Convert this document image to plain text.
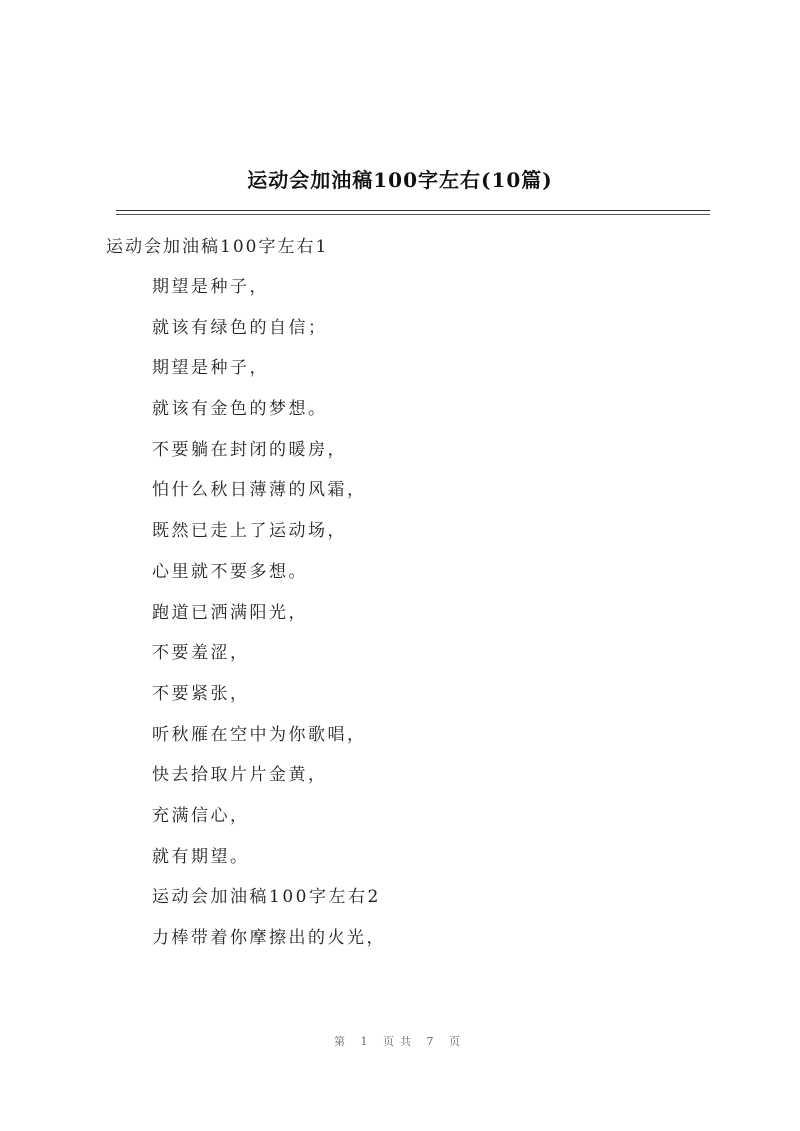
运动会加油稿100字左右(10篇)
运动会加油稿100字左右1
期望是种子，
就该有绿色的自信；
期望是种子，
就该有金色的梦想。
不要躺在封闭的暖房，
怕什么秋日薄薄的风霜，
既然已走上了运动场，
心里就不要多想。
跑道已洒满阳光，
不要羞涩，
不要紧张，
听秋雁在空中为你歌唱，
快去拾取片片金黄，
充满信心，
就有期望。
运动会加油稿100字左右2
力棒带着你摩擦出的火光，
第 1 页共 7 页
